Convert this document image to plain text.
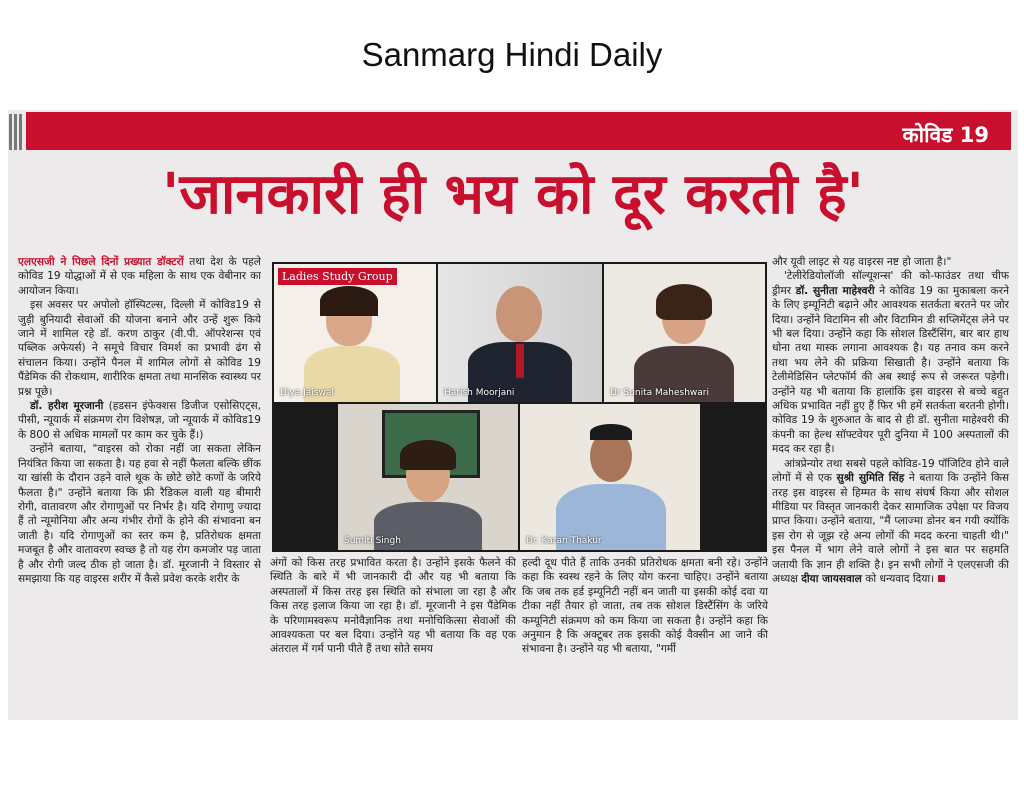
Sanmarg Hindi Daily
कोविड 19
'जानकारी ही भय को दूर करती है'

एलएसजी ने पिछले दिनों प्रख्यात डॉक्टरों तथा देश के पहले कोविड 19 योद्धाओं में से एक महिला के साथ एक वेबीनार का आयोजन किया।

इस अवसर पर अपोलो हॉस्पिटल्स, दिल्ली में कोविड19 से जुड़ी बुनियादी सेवाओं की योजना बनाने और उन्हें शुरू किये जाने में शामिल रहे डॉ. करण ठाकुर (वी.पी. ऑपरेशन्स एवं पब्लिक अफेयर्स) ने समूचे विचार विमर्श का प्रभावी ढंग से संचालन किया। उन्होंने पैनल में शामिल लोगों से कोविड 19 पैंडेमिक की रोकथाम, शारीरिक क्षमता तथा मानसिक स्वास्थ्य पर प्रश्न पूछे।

डॉ. हरीश मूरजानी (हडसन इंफेक्शस डिजीज एसोसिएट्स, पीसी, न्यूयार्क में संक्रमण रोग विशेषज्ञ, जो न्यूयार्क में कोविड19 के 800 से अधिक मामलों पर काम कर चुके हैं।)

उन्होंने बताया, "वाइरस को रोका नहीं जा सकता लेकिन नियंत्रित किया जा सकता है। यह हवा से नहीं फैलता बल्कि छींक या खांसी के दौरान उड़ने वाले थूक के छोटे छोटे कणों के जरिये फैलता है।" उन्होंने बताया कि फ्री रैडिकल वाली यह बीमारी रोगी, वातावरण और रोगाणुओं पर निर्भर है। यदि रोगाणु ज्यादा हैं तो न्यूमोनिया और अन्य गंभीर रोगों के होने की संभावना बन जाती है। यदि रोगाणुओं का स्तर कम है, प्रतिरोधक क्षमता मजबूत है और वातावरण स्वच्छ है तो यह रोग कमजोर पड़ जाता है और रोगी जल्द ठीक हो जाता है। डॉ. मूरजानी ने विस्तार से समझाया कि यह वाइरस शरीर में कैसे प्रवेश करके शरीर के

Ladies Study Group
Diya Jaiswal	Harish Moorjani	Dr Sunita Maheshwari
Sumiti Singh	Dr. Karan Thakur

अंगों को किस तरह प्रभावित करता है। उन्होंने इसके फैलने की स्थिति के बारे में भी जानकारी दी और यह भी बताया कि अस्पतालों में किस तरह इस स्थिति को संभाला जा रहा है और किस तरह इलाज किया जा रहा है। डॉ. मूरजानी ने इस पैंडेमिक के परिणामस्वरूप मनोवैज्ञानिक तथा मनोचिकित्सा सेवाओं की आवश्यकता पर बल दिया। उन्होंने यह भी बताया कि वह एक अंतराल में गर्म पानी पीते हैं तथा सोते समय

हल्दी दूध पीते हैं ताकि उनकी प्रतिरोधक क्षमता बनी रहे। उन्होंने कहा कि स्वस्थ रहने के लिए योग करना चाहिए। उन्होंने बताया कि जब तक हर्ड इम्यूनिटी नहीं बन जाती या इसकी कोई दवा या टीका नहीं तैयार हो जाता, तब तक सोशल डिस्टैंसिंग के जरिये कम्यूनिटी संक्रमण को कम किया जा सकता है। उन्होंने कहा कि अनुमान है कि अक्टूबर तक इसकी कोई वैक्सीन आ जाने की संभावना है। उन्होंने यह भी बताया, "गर्मी

और यूवी लाइट से यह वाइरस नष्ट हो जाता है।"

'टेलीरेडियोलॉजी सॉल्यूशन्स' की को-फाउंडर तथा चीफ ड्रीमर डॉ. सुनीता माहेश्वरी ने कोविड 19 का मुकाबला करने के लिए इम्यूनिटी बढ़ाने और आवश्यक सतर्कता बरतने पर जोर दिया। उन्होंने विटामिन सी और विटामिन डी सप्लिमेंट्स लेने पर भी बल दिया। उन्होंने कहा कि सोशल डिस्टैंसिंग, बार बार हाथ धोना तथा मास्क लगाना आवश्यक है। यह तनाव कम करने तथा भय लेने की प्रक्रिया सिखाती है। उन्होंने बताया कि टेलीमेडिसिन प्लेटफॉर्म की अब स्थाई रूप से जरूरत पड़ेगी। उन्होंने यह भी बताया कि हालांकि इस वाइरस से बच्चे बहुत अधिक प्रभावित नहीं हुए हैं फिर भी हमें सतर्कता बरतनी होगी। कोविड 19 के शुरुआत के बाद से ही डॉ. सुनीता माहेश्वरी की कंपनी का हेल्थ सॉफ्टवेयर पूरी दुनिया में 100 अस्पतालों की मदद कर रहा है।

आंत्रप्रेन्योर तथा सबसे पहले कोविड-19 पॉजिटिव होने वाले लोगों में से एक सुश्री सुमिति सिंह ने बताया कि उन्होंने किस तरह इस वाइरस से हिम्मत के साथ संघर्ष किया और सोशल मीडिया पर विस्तृत जानकारी देकर सामाजिक उपेक्षा पर विजय प्राप्त किया। उन्होंने बताया, "मैं प्लाज्मा डोनर बन गयी क्योंकि इस रोग से जूझ रहे अन्य लोगों की मदद करना चाहती थी।" इस पैनल में भाग लेने वाले लोगों ने इस बात पर सहमति जतायी कि ज्ञान ही शक्ति है। इन सभी लोगों ने एलएसजी की अध्यक्ष दीया जायसवाल को धन्यवाद दिया।
